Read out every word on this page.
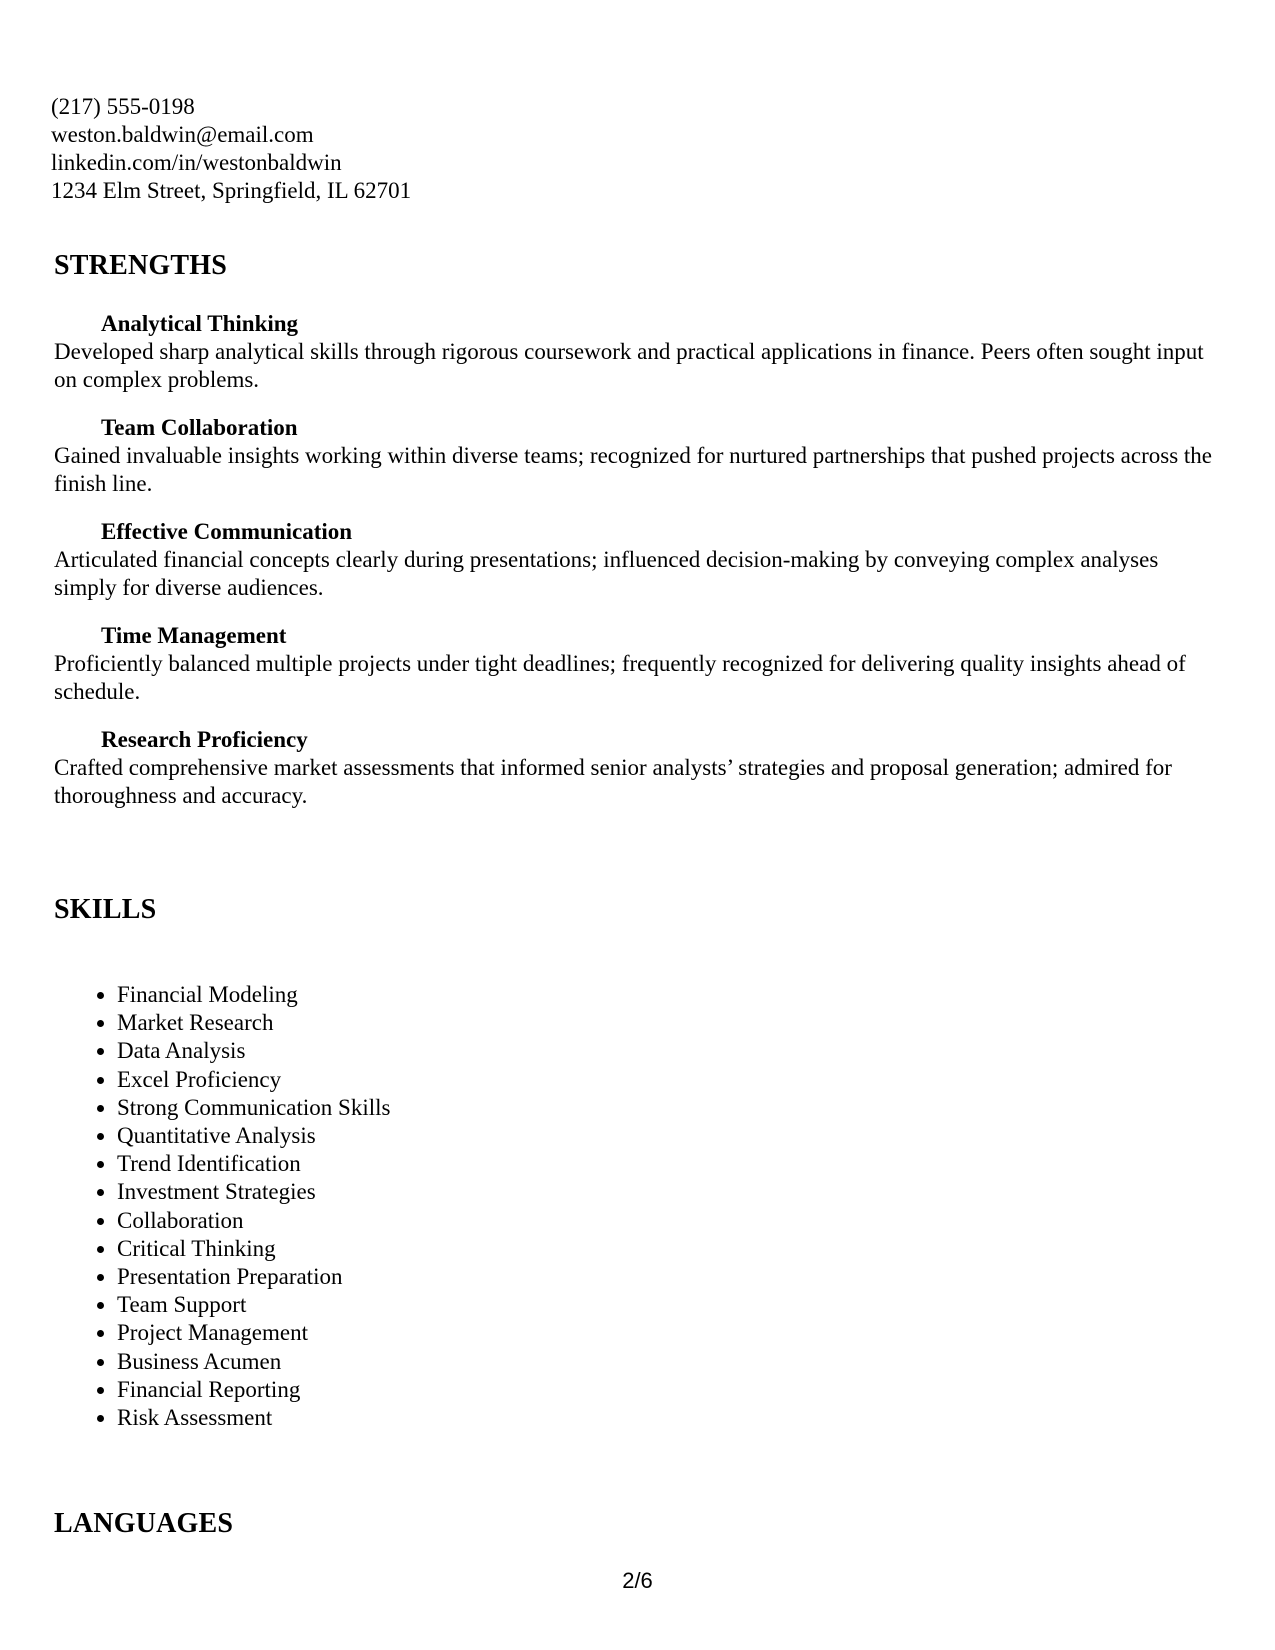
(217) 555-0198
weston.baldwin@email.com
linkedin.com/in/westonbaldwin
1234 Elm Street, Springfield, IL 62701
STRENGTHS
Analytical Thinking
Developed sharp analytical skills through rigorous coursework and practical applications in finance. Peers often sought input on complex problems.
Team Collaboration
Gained invaluable insights working within diverse teams; recognized for nurtured partnerships that pushed projects across the finish line.
Effective Communication
Articulated financial concepts clearly during presentations; influenced decision-making by conveying complex analyses simply for diverse audiences.
Time Management
Proficiently balanced multiple projects under tight deadlines; frequently recognized for delivering quality insights ahead of schedule.
Research Proficiency
Crafted comprehensive market assessments that informed senior analysts’ strategies and proposal generation; admired for thoroughness and accuracy.
SKILLS
• Financial Modeling
• Market Research
• Data Analysis
• Excel Proficiency
• Strong Communication Skills
• Quantitative Analysis
• Trend Identification
• Investment Strategies
• Collaboration
• Critical Thinking
• Presentation Preparation
• Team Support
• Project Management
• Business Acumen
• Financial Reporting
• Risk Assessment
LANGUAGES
2/6
